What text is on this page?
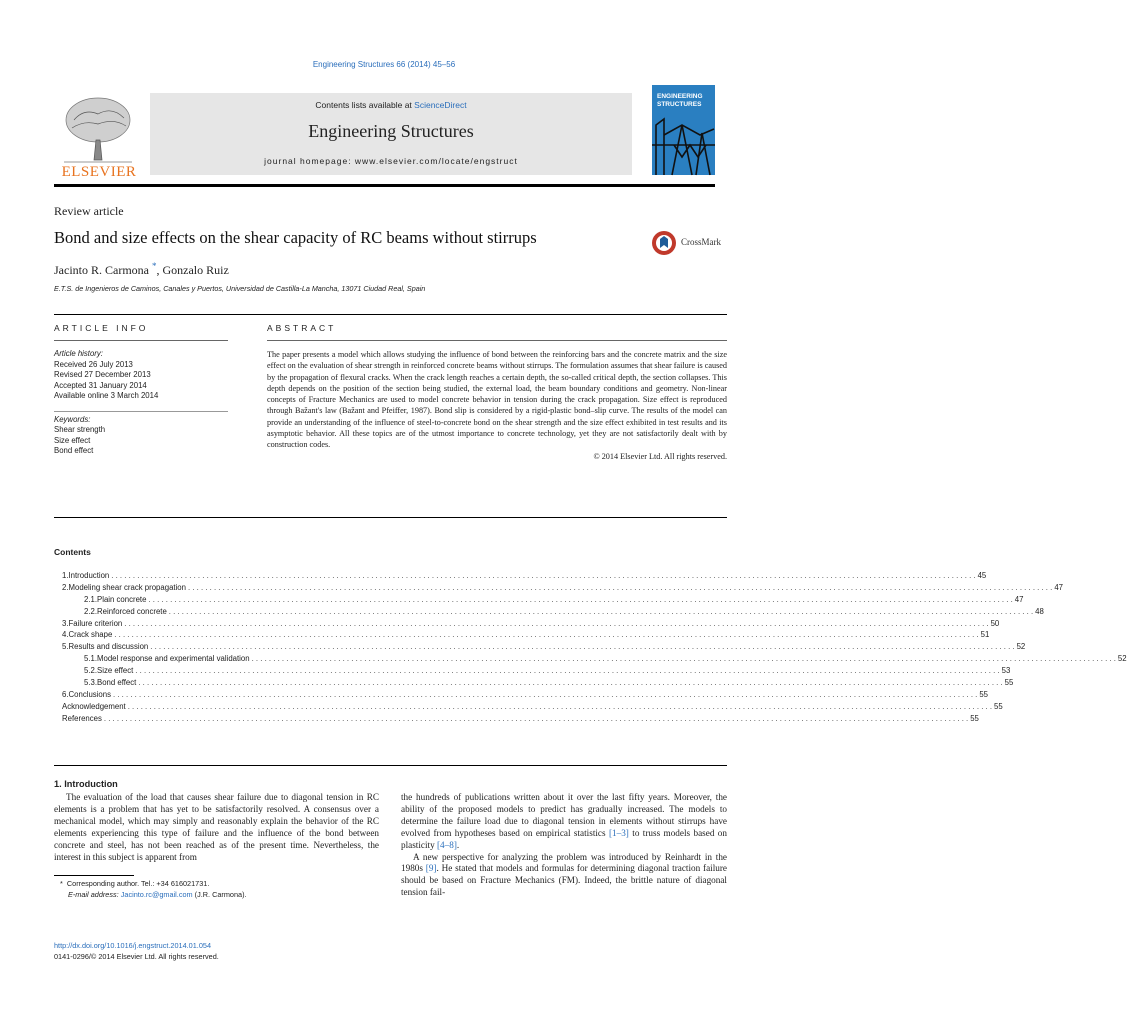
Engineering Structures 66 (2014) 45–56
ELSEVIER
Contents lists available at ScienceDirect
Engineering Structures
journal homepage: www.elsevier.com/locate/engstruct
ENGINEERING
STRUCTURES
Review article
Bond and size effects on the shear capacity of RC beams without stirrups	CrossMark
Jacinto R. Carmona *, Gonzalo Ruiz
E.T.S. de Ingenieros de Caminos, Canales y Puertos, Universidad de Castilla-La Mancha, 13071 Ciudad Real, Spain
ARTICLE INFO
Article history:
Received 26 July 2013
Revised 27 December 2013
Accepted 31 January 2014
Available online 3 March 2014
Keywords:
Shear strength
Size effect
Bond effect
ABSTRACT
The paper presents a model which allows studying the influence of bond between the reinforcing bars and the concrete matrix and the size effect on the evaluation of shear strength in reinforced concrete beams without stirrups. The formulation assumes that shear failure is caused by the propagation of flexural cracks. When the crack length reaches a certain depth, the so-called critical depth, the section collapses. This depth depends on the position of the section being studied, the external load, the beam boundary conditions and geometry. Non-linear concepts of Fracture Mechanics are used to model concrete behavior in tension during the crack propagation. Size effect is reproduced through Bažant's law (Bažant and Pfeiffer, 1987). Bond slip is considered by a rigid-plastic bond–slip curve. The results of the model can provide an understanding of the influence of steel-to-concrete bond on the shear strength and the size effect exhibited in test results and its asymptotic behavior. All these topics are of the utmost importance to concrete technology, yet they are not satisfactorily dealt with by construction codes.
© 2014 Elsevier Ltd. All rights reserved.
Contents
1. Introduction . . . . . . . . . . . . . . . . . . . . . . . . . . . . . . . . . . . . . . . . . . . . . . . . . . . . . . . . . . . . . . . . . . . . . . . . . . . . . . . . . . . . . . . . . . . . . . . . . . . . . . . . . . . . . . . . . . . . . . . . . . . . . . . . . . . . . . . . . . . . . . . . . . . . . . . . . . . . . . . . . . . . . . . . . . . . . . . . . . . . . . . . . . . . . . . . . . . . . . . . 45
2. Modeling shear crack propagation . . . . . . . . . . . . . . . . . . . . . . . . . . . . . . . . . . . . . . . . . . . . . . . . . . . . . . . . . . . . . . . . . . . . . . . . . . . . . . . . . . . . . . . . . . . . . . . . . . . . . . . . . . . . . . . . . . . . . . . . . . . . . . . . . . . . . . . . . . . . . . . . . . . . . . . . . . . . . . . . . . . . . . . . . . . . . . . . . . . . . . . . . . . . . . . . . . . . . . . . 47
2.1. Plain concrete . . . . . . . . . . . . . . . . . . . . . . . . . . . . . . . . . . . . . . . . . . . . . . . . . . . . . . . . . . . . . . . . . . . . . . . . . . . . . . . . . . . . . . . . . . . . . . . . . . . . . . . . . . . . . . . . . . . . . . . . . . . . . . . . . . . . . . . . . . . . . . . . . . . . . . . . . . . . . . . . . . . . . . . . . . . . . . . . . . . . . . . . . . . . . . . . . . . . . . . . 47
2.2. Reinforced concrete . . . . . . . . . . . . . . . . . . . . . . . . . . . . . . . . . . . . . . . . . . . . . . . . . . . . . . . . . . . . . . . . . . . . . . . . . . . . . . . . . . . . . . . . . . . . . . . . . . . . . . . . . . . . . . . . . . . . . . . . . . . . . . . . . . . . . . . . . . . . . . . . . . . . . . . . . . . . . . . . . . . . . . . . . . . . . . . . . . . . . . . . . . . . . . . . . . . . . . . . 48
3. Failure criterion . . . . . . . . . . . . . . . . . . . . . . . . . . . . . . . . . . . . . . . . . . . . . . . . . . . . . . . . . . . . . . . . . . . . . . . . . . . . . . . . . . . . . . . . . . . . . . . . . . . . . . . . . . . . . . . . . . . . . . . . . . . . . . . . . . . . . . . . . . . . . . . . . . . . . . . . . . . . . . . . . . . . . . . . . . . . . . . . . . . . . . . . . . . . . . . . . . . . . . . . 50
4. Crack shape . . . . . . . . . . . . . . . . . . . . . . . . . . . . . . . . . . . . . . . . . . . . . . . . . . . . . . . . . . . . . . . . . . . . . . . . . . . . . . . . . . . . . . . . . . . . . . . . . . . . . . . . . . . . . . . . . . . . . . . . . . . . . . . . . . . . . . . . . . . . . . . . . . . . . . . . . . . . . . . . . . . . . . . . . . . . . . . . . . . . . . . . . . . . . . . . . . . . . . . . 51
5. Results and discussion . . . . . . . . . . . . . . . . . . . . . . . . . . . . . . . . . . . . . . . . . . . . . . . . . . . . . . . . . . . . . . . . . . . . . . . . . . . . . . . . . . . . . . . . . . . . . . . . . . . . . . . . . . . . . . . . . . . . . . . . . . . . . . . . . . . . . . . . . . . . . . . . . . . . . . . . . . . . . . . . . . . . . . . . . . . . . . . . . . . . . . . . . . . . . . . . . . . . . . . . 52
5.1. Model response and experimental validation . . . . . . . . . . . . . . . . . . . . . . . . . . . . . . . . . . . . . . . . . . . . . . . . . . . . . . . . . . . . . . . . . . . . . . . . . . . . . . . . . . . . . . . . . . . . . . . . . . . . . . . . . . . . . . . . . . . . . . . . . . . . . . . . . . . . . . . . . . . . . . . . . . . . . . . . . . . . . . . . . . . . . . . . . . . . . . . . . . . . . . . . . . . . . . . . . . . . . . . . 52
5.2. Size effect . . . . . . . . . . . . . . . . . . . . . . . . . . . . . . . . . . . . . . . . . . . . . . . . . . . . . . . . . . . . . . . . . . . . . . . . . . . . . . . . . . . . . . . . . . . . . . . . . . . . . . . . . . . . . . . . . . . . . . . . . . . . . . . . . . . . . . . . . . . . . . . . . . . . . . . . . . . . . . . . . . . . . . . . . . . . . . . . . . . . . . . . . . . . . . . . . . . . . . . . 53
5.3. Bond effect . . . . . . . . . . . . . . . . . . . . . . . . . . . . . . . . . . . . . . . . . . . . . . . . . . . . . . . . . . . . . . . . . . . . . . . . . . . . . . . . . . . . . . . . . . . . . . . . . . . . . . . . . . . . . . . . . . . . . . . . . . . . . . . . . . . . . . . . . . . . . . . . . . . . . . . . . . . . . . . . . . . . . . . . . . . . . . . . . . . . . . . . . . . . . . . . . . . . . . . . 55
6. Conclusions . . . . . . . . . . . . . . . . . . . . . . . . . . . . . . . . . . . . . . . . . . . . . . . . . . . . . . . . . . . . . . . . . . . . . . . . . . . . . . . . . . . . . . . . . . . . . . . . . . . . . . . . . . . . . . . . . . . . . . . . . . . . . . . . . . . . . . . . . . . . . . . . . . . . . . . . . . . . . . . . . . . . . . . . . . . . . . . . . . . . . . . . . . . . . . . . . . . . . . . . 55
Acknowledgement . . . . . . . . . . . . . . . . . . . . . . . . . . . . . . . . . . . . . . . . . . . . . . . . . . . . . . . . . . . . . . . . . . . . . . . . . . . . . . . . . . . . . . . . . . . . . . . . . . . . . . . . . . . . . . . . . . . . . . . . . . . . . . . . . . . . . . . . . . . . . . . . . . . . . . . . . . . . . . . . . . . . . . . . . . . . . . . . . . . . . . . . . . . . . . . . . . . . . . . . 55
References . . . . . . . . . . . . . . . . . . . . . . . . . . . . . . . . . . . . . . . . . . . . . . . . . . . . . . . . . . . . . . . . . . . . . . . . . . . . . . . . . . . . . . . . . . . . . . . . . . . . . . . . . . . . . . . . . . . . . . . . . . . . . . . . . . . . . . . . . . . . . . . . . . . . . . . . . . . . . . . . . . . . . . . . . . . . . . . . . . . . . . . . . . . . . . . . . . . . . . . . 55
1. Introduction

The evaluation of the load that causes shear failure due to diagonal tension in RC elements is a problem that has yet to be satisfactorily resolved. A consensus over a mechanical model, which may simply and reasonably explain the behavior of the RC elements experiencing this type of failure and the influence of the bond between concrete and steel, has not been reached as of the present time. Nevertheless, the interest in this subject is apparent from

the hundreds of publications written about it over the last fifty years. Moreover, the ability of the proposed models to predict has gradually increased. The models to determine the failure load due to diagonal tension in elements without stirrups have evolved from hypotheses based on empirical statistics [1–3] to truss models based on plasticity [4–8].

A new perspective for analyzing the problem was introduced by Reinhardt in the 1980s [9]. He stated that models and formulas for determining diagonal traction failure should be based on Fracture Mechanics (FM). Indeed, the brittle nature of diagonal tension fail-

* Corresponding author. Tel.: +34 616021731.
E-mail address: Jacinto.rc@gmail.com (J.R. Carmona).
http://dx.doi.org/10.1016/j.engstruct.2014.01.054
0141-0296/© 2014 Elsevier Ltd. All rights reserved.
